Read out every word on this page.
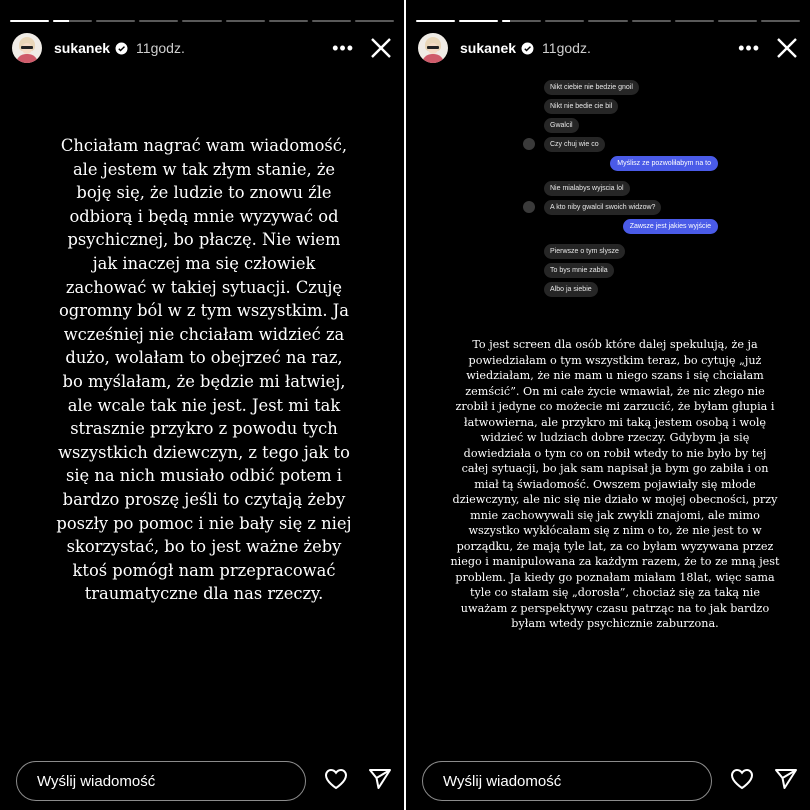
sukanek 11godz.	•••
Chciałam nagrać wam wiadomość, ale jestem w tak złym stanie, że boję się, że ludzie to znowu źle odbiorą i będą mnie wyzywać od psychicznej, bo płaczę. Nie wiem jak inaczej ma się człowiek zachować w takiej sytuacji. Czuję ogromny ból w z tym wszystkim. Ja wcześniej nie chciałam widzieć za dużo, wolałam to obejrzeć na raz, bo myślałam, że będzie mi łatwiej, ale wcale tak nie jest. Jest mi tak strasznie przykro z powodu tych wszystkich dziewczyn, z tego jak to się na nich musiało odbić potem i bardzo proszę jeśli to czytają żeby poszły po pomoc i nie bały się z niej skorzystać, bo to jest ważne żeby ktoś pomógł nam przepracować traumatyczne dla nas rzeczy.
Wyślij wiadomość
sukanek 11godz.	•••
Nikt ciebie nie bedzie gnoil
Nikt nie bedie cie bil
Gwalcil
Czy chuj wie co
Myślisz ze pozwoliłabym na to
Nie mialabys wyjscia lol
A kto niby gwalcil swoich widzow?
Zawsze jest jakies wyjście
Pierwsze o tym slysze
To bys mnie zabila
Albo ja siebie
To jest screen dla osób które dalej spekulują, że ja powiedziałam o tym wszystkim teraz, bo cytuję „już wiedziałam, że nie mam u niego szans i się chciałam zemścić”. On mi całe życie wmawiał, że nic złego nie zrobił i jedyne co możecie mi zarzucić, że byłam głupia i łatwowierna, ale przykro mi taką jestem osobą i wolę widzieć w ludziach dobre rzeczy. Gdybym ja się dowiedziała o tym co on robił wtedy to nie było by tej całej sytuacji, bo jak sam napisał ja bym go zabiła i on miał tą świadomość. Owszem pojawiały się młode dziewczyny, ale nic się nie działo w mojej obecności, przy mnie zachowywali się jak zwykli znajomi, ale mimo wszystko wykłócałam się z nim o to, że nie jest to w porządku, że mają tyle lat, za co byłam wyzywana przez niego i manipulowana za każdym razem, że to ze mną jest problem. Ja kiedy go poznałam miałam 18lat, więc sama tyle co stałam się „dorosła”, chociaż się za taką nie uważam z perspektywy czasu patrząc na to jak bardzo byłam wtedy psychicznie zaburzona.
Wyślij wiadomość
